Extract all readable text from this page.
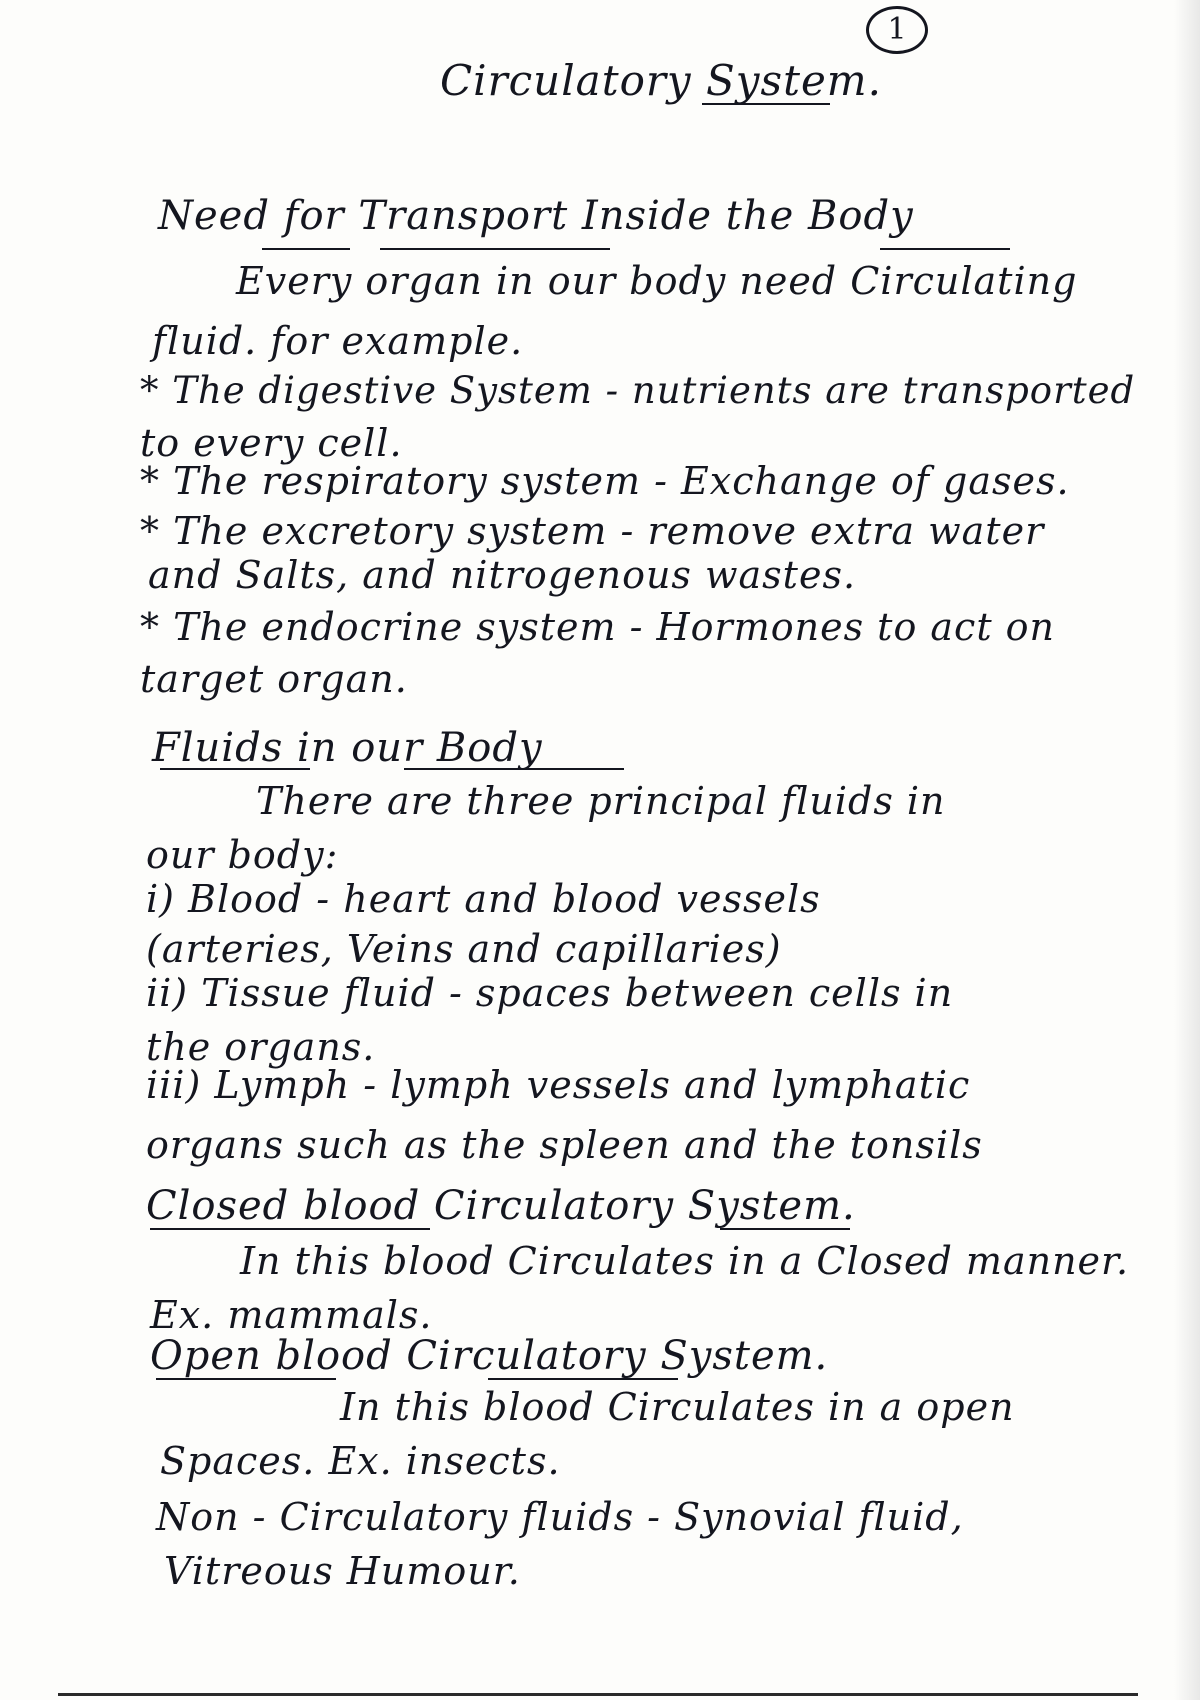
1
Circulatory System.
Need for Transport Inside the Body
Every organ in our body need Circulating
fluid. for example.
* The digestive System - nutrients are transported
to every cell.
* The respiratory system - Exchange of gases.
* The excretory system - remove extra water
and Salts, and nitrogenous wastes.
* The endocrine system - Hormones to act on
target organ.
Fluids in our Body
There are three principal fluids in
our body:
i) Blood - heart and blood vessels
(arteries, Veins and capillaries)
ii) Tissue fluid - spaces between cells in
the organs.
iii) Lymph - lymph vessels and lymphatic
organs such as the spleen and the tonsils
Closed blood Circulatory System.
In this blood Circulates in a Closed manner.
Ex. mammals.
Open blood Circulatory System.
In this blood Circulates in a open
Spaces. Ex. insects.
Non - Circulatory fluids - Synovial fluid,
Vitreous Humour.
